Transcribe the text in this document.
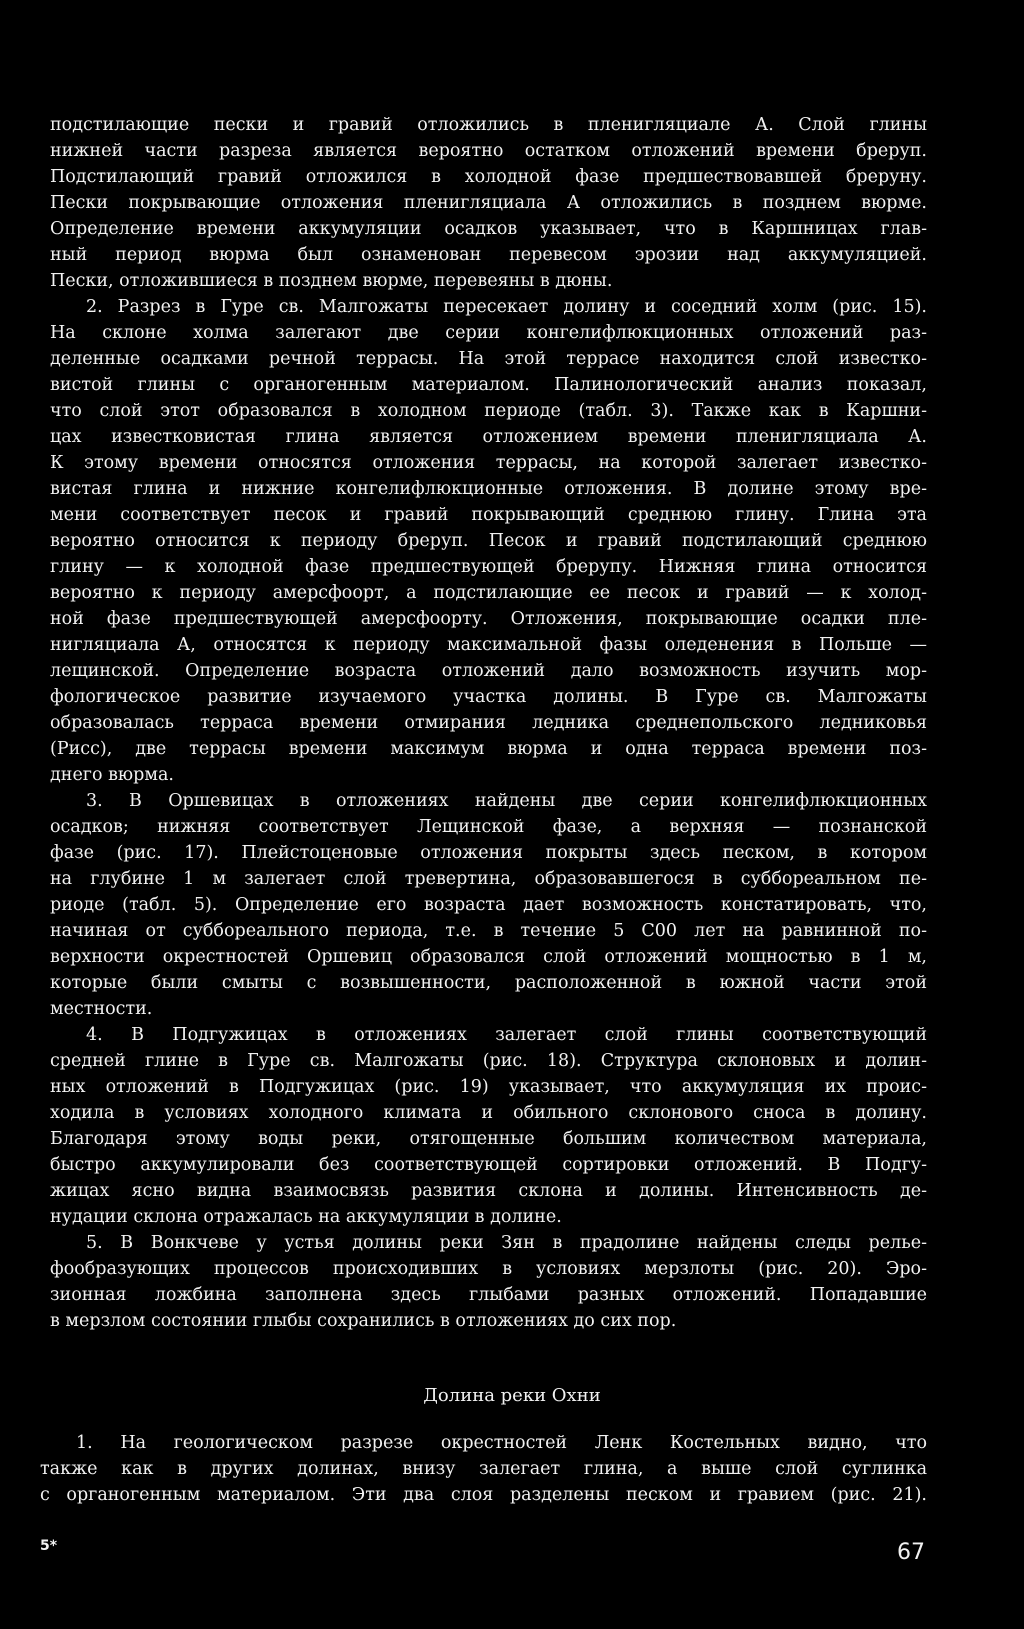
подстилающие пески и гравий отложились в пленигляциале А. Слой глины
нижней части разреза является вероятно остатком отложений времени бреруп.
Подстилающий гравий отложился в холодной фазе предшествовавшей бреруну.
Пески покрывающие отложения пленигляциала А отложились в позднем вюрме.
Определение времени аккумуляции осадков указывает, что в Каршницах глав-
ный период вюрма был ознаменован перевесом эрозии над аккумуляцией.
Пески, отложившиеся в позднем вюрме, перевеяны в дюны.
2. Разрез в Гуре св. Малгожаты пересекает долину и соседний холм (рис. 15).
На склоне холма залегают две серии конгелифлюкционных отложений раз-
деленные осадками речной террасы. На этой террасе находится слой известко-
вистой глины с органогенным материалом. Палинологический анализ показал,
что слой этот образовался в холодном периоде (табл. 3). Также как в Каршни-
цах известковистая глина является отложением времени пленигляциала А.
К этому времени относятся отложения террасы, на которой залегает известко-
вистая глина и нижние конгелифлюкционные отложения. В долине этому вре-
мени соответствует песок и гравий покрывающий среднюю глину. Глина эта
вероятно относится к периоду бреруп. Песок и гравий подстилающий среднюю
глину — к холодной фазе предшествующей брерупу. Нижняя глина относится
вероятно к периоду амерсфоорт, а подстилающие ее песок и гравий — к холод-
ной фазе предшествующей амерсфоорту. Отложения, покрывающие осадки пле-
нигляциала А, относятся к периоду максимальной фазы оледенения в Польше —
лещинской. Определение возраста отложений дало возможность изучить мор-
фологическое развитие изучаемого участка долины. В Гуре св. Малгожаты
образовалась терраса времени отмирания ледника среднепольского ледниковья
(Рисс), две террасы времени максимум вюрма и одна терраса времени поз-
днего вюрма.
3. В Оршевицах в отложениях найдены две серии конгелифлюкционных
осадков; нижняя соответствует Лещинской фазе, а верхняя — познанской
фазе (рис. 17). Плейстоценовые отложения покрыты здесь песком, в котором
на глубине 1 м залегает слой тревертина, образовавшегося в суббореальном пе-
риоде (табл. 5). Определение его возраста дает возможность констатировать, что,
начиная от суббореального периода, т.е. в течение 5 С00 лет на равнинной по-
верхности окрестностей Оршевиц образовался слой отложений мощностью в 1 м,
которые были смыты с возвышенности, расположенной в южной части этой
местности.
4. В Подгужицах в отложениях залегает слой глины соответствующий
средней глине в Гуре св. Малгожаты (рис. 18). Структура склоновых и долин-
ных отложений в Подгужицах (рис. 19) указывает, что аккумуляция их проис-
ходила в условиях холодного климата и обильного склонового сноса в долину.
Благодаря этому воды реки, отягощенные большим количеством материала,
быстро аккумулировали без соответствующей сортировки отложений. В Подгу-
жицах ясно видна взаимосвязь развития склона и долины. Интенсивность де-
нудации склона отражалась на аккумуляции в долине.
5. В Вонкчеве у устья долины реки Зян в прадолине найдены следы релье-
фообразующих процессов происходивших в условиях мерзлоты (рис. 20). Эро-
зионная ложбина заполнена здесь глыбами разных отложений. Попадавшие
в мерзлом состоянии глыбы сохранились в отложениях до сих пор.
Долина реки Охни
1. На геологическом разрезе окрестностей Ленк Костельных видно, что
также как в других долинах, внизу залегает глина, а выше слой суглинка
с органогенным материалом. Эти два слоя разделены песком и гравием (рис. 21).
5*	67
